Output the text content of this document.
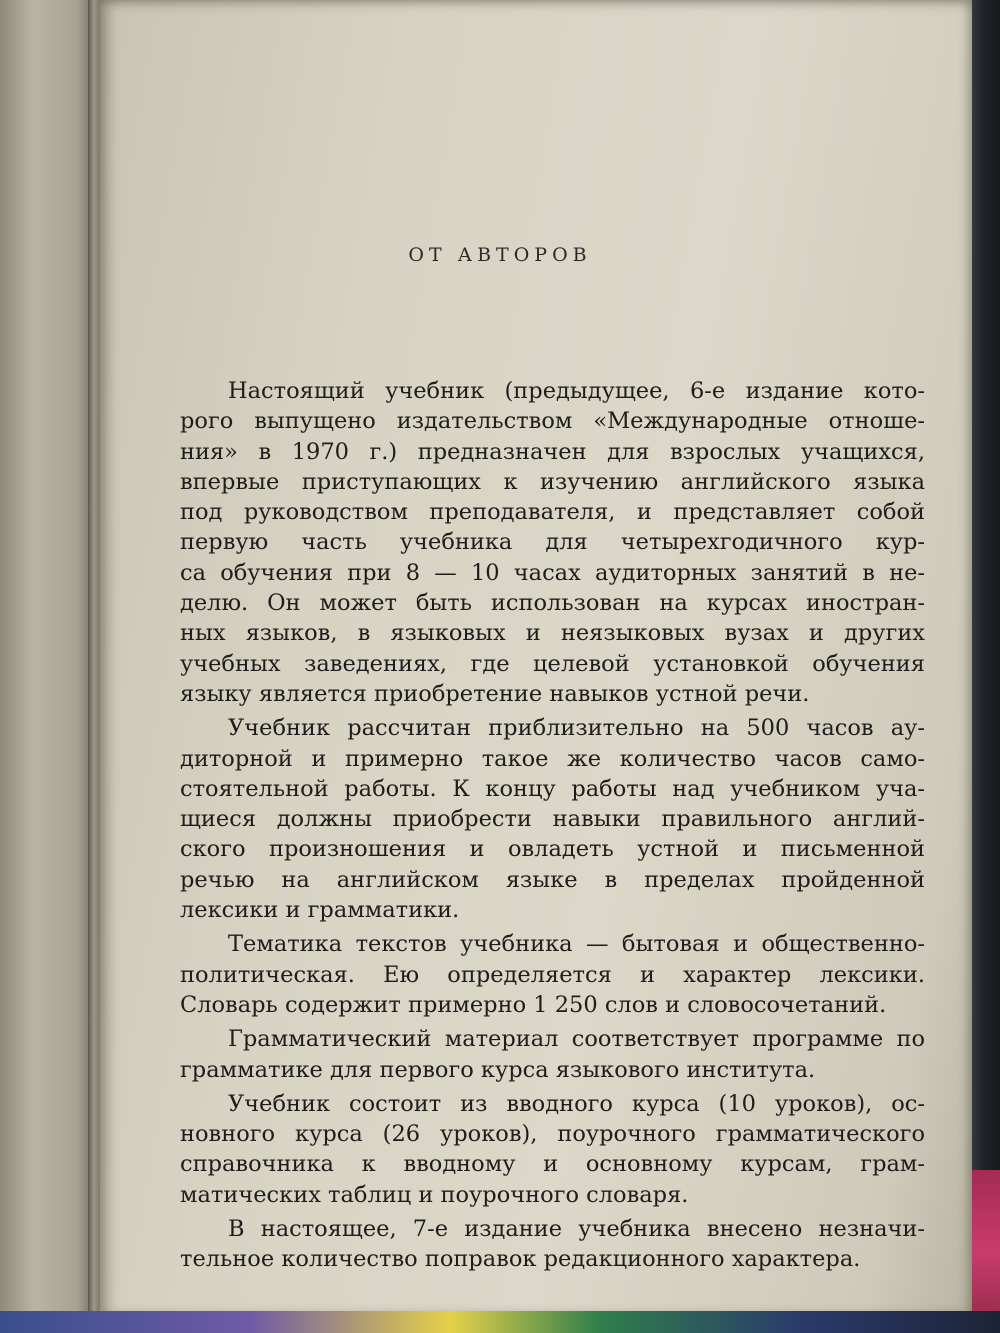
ОТ АВТОРОВ
Настоящий учебник (предыдущее, 6-е издание кото-
рого выпущено издательством «Международные отноше-
ния» в 1970 г.) предназначен для взрослых учащихся,
впервые приступающих к изучению английского языка
под руководством преподавателя, и представляет собой
первую часть учебника для четырехгодичного кур-
са обучения при 8 — 10 часах аудиторных занятий в не-
делю. Он может быть использован на курсах иностран-
ных языков, в языковых и неязыковых вузах и других
учебных заведениях, где целевой установкой обучения
языку является приобретение навыков устной речи.
Учебник рассчитан приблизительно на 500 часов ау-
диторной и примерно такое же количество часов само-
стоятельной работы. К концу работы над учебником уча-
щиеся должны приобрести навыки правильного англий-
ского произношения и овладеть устной и письменной
речью на английском языке в пределах пройденной
лексики и грамматики.
Тематика текстов учебника — бытовая и общественно-
политическая. Ею определяется и характер лексики.
Словарь содержит примерно 1 250 слов и словосочетаний.
Грамматический материал соответствует программе по
грамматике для первого курса языкового института.
Учебник состоит из вводного курса (10 уроков), ос-
новного курса (26 уроков), поурочного грамматического
справочника к вводному и основному курсам, грам-
матических таблиц и поурочного словаря.
В настоящее, 7-е издание учебника внесено незначи-
тельное количество поправок редакционного характера.
